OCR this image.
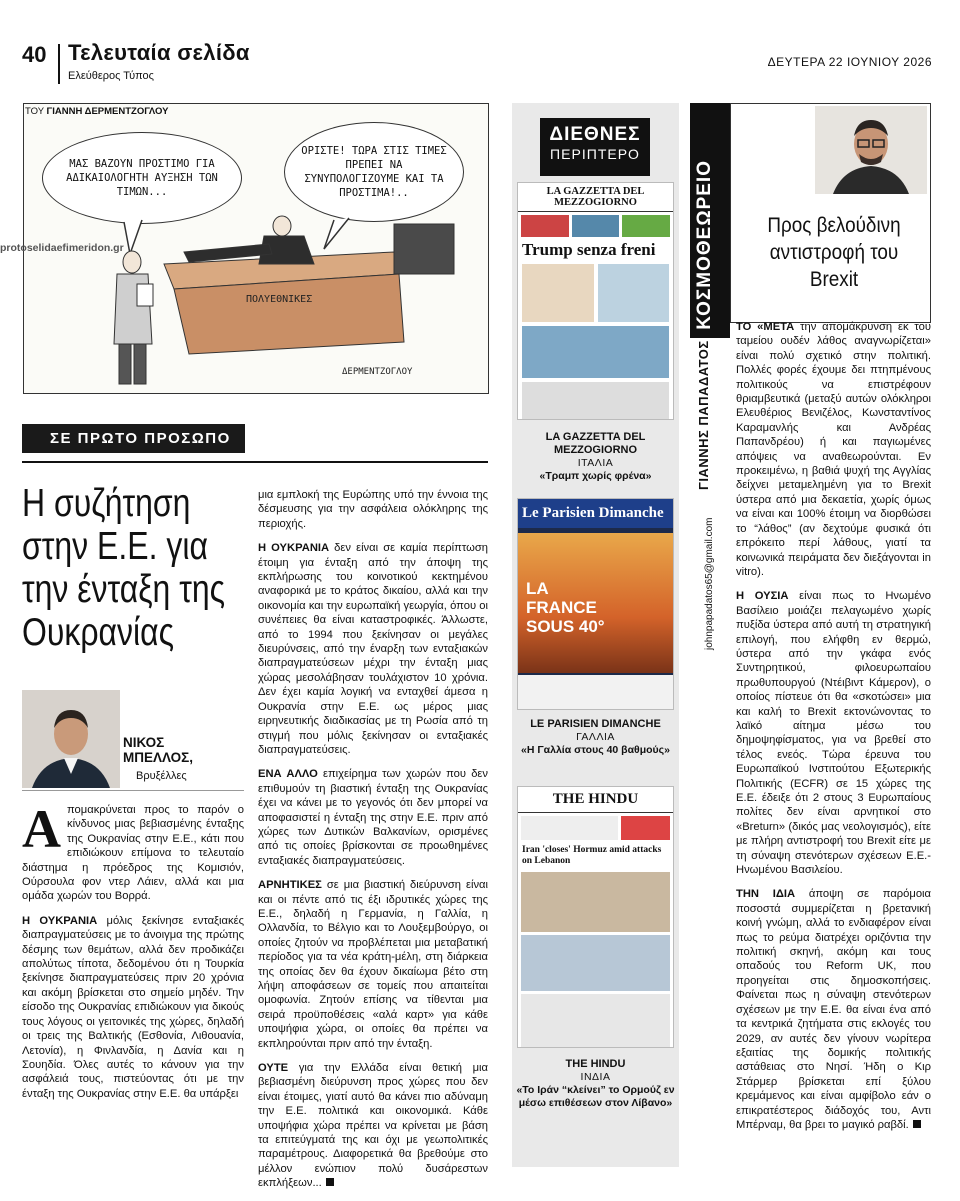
40 Τελευταία σελίδα
Ελεύθερος Τύπος
ΔΕΥΤΕΡΑ 22 ΙΟΥΝΙΟΥ 2026
ΜΑΣ ΒΑΖΟΥΝ ΠΡΟΣΤΙΜΟ ΓΙΑ ΑΔΙΚΑΙΟΛΟΓΗΤΗ ΑΥΞΗΣΗ ΤΩΝ ΤΙΜΩΝ...
ΟΡΙΣΤΕ! ΤΩΡΑ ΣΤΙΣ ΤΙΜΕΣ ΠΡΕΠΕΙ ΝΑ ΣΥΝΥΠΟΛΟΓΙΖΟΥΜΕ ΚΑΙ ΤΑ ΠΡΟΣΤΙΜΑ!..
ΠΟΛΥΕΘΝΙΚΕΣ
ΔΕΡΜΕΝΤΖΟΓΛΟΥ
ΤΟΥ ΓΙΑΝΝΗ ΔΕΡΜΕΝΤΖΟΓΛΟΥ
protoselidaefimeridon.gr
ΣΕ ΠΡΩΤΟ ΠΡΟΣΩΠΟ
Η συζήτηση στην Ε.Ε. για την ένταξη της Ουκρανίας
ΝΙΚΟΣ ΜΠΕΛΛΟΣ,
Βρυξέλλες
Απομακρύνεται προς το παρόν ο κίνδυνος μιας βεβιασμένης ένταξης της Ουκρανίας στην Ε.Ε., κάτι που επιδιώκουν επίμονα το τελευταίο διάστημα η πρόεδρος της Κομισιόν, Ούρσουλα φον ντερ Λάιεν, αλλά και μια ομάδα χωρών του Βορρά.
Η ΟΥΚΡΑΝΙΑ μόλις ξεκίνησε ενταξιακές διαπραγματεύσεις με το άνοιγμα της πρώτης δέσμης των θεμάτων, αλλά δεν προδικάζει απολύτως τίποτα, δεδομένου ότι η Τουρκία ξεκίνησε διαπραγματεύσεις πριν 20 χρόνια και ακόμη βρίσκεται στο σημείο μηδέν. Την είσοδο της Ουκρανίας επιδιώκουν για δικούς τους λόγους οι γειτονικές της χώρες, δηλαδή οι τρεις της Βαλτικής (Εσθονία, Λιθουανία, Λετονία), η Φινλανδία, η Δανία και η Σουηδία. Όλες αυτές το κάνουν για την ασφάλειά τους, πιστεύοντας ότι με την ένταξη της Ουκρανίας στην Ε.Ε. θα υπάρξει
μια εμπλοκή της Ευρώπης υπό την έννοια της δέσμευσης για την ασφάλεια ολόκληρης της περιοχής.
Η ΟΥΚΡΑΝΙΑ δεν είναι σε καμία περίπτωση έτοιμη για ένταξη από την άποψη της εκπλήρωσης του κοινοτικού κεκτημένου αναφορικά με το κράτος δικαίου, αλλά και την οικονομία και την ευρωπαϊκή γεωργία, όπου οι συνέπειες θα είναι καταστροφικές. Άλλωστε, από το 1994 που ξεκίνησαν οι μεγάλες διευρύνσεις, από την έναρξη των ενταξιακών διαπραγματεύσεων μέχρι την ένταξη μιας χώρας μεσολάβησαν τουλάχιστον 10 χρόνια. Δεν έχει καμία λογική να ενταχθεί άμεσα η Ουκρανία στην Ε.Ε. ως μέρος μιας ειρηνευτικής διαδικασίας με τη Ρωσία από τη στιγμή που μόλις ξεκίνησαν οι ενταξιακές διαπραγματεύσεις.
ΕΝΑ ΑΛΛΟ επιχείρημα των χωρών που δεν επιθυμούν τη βιαστική ένταξη της Ουκρανίας έχει να κάνει με το γεγονός ότι δεν μπορεί να αποφασιστεί η ένταξη της στην Ε.Ε. πριν από χώρες των Δυτικών Βαλκανίων, ορισμένες από τις οποίες βρίσκονται σε προωθημένες ενταξιακές διαπραγματεύσεις.
ΑΡΝΗΤΙΚΕΣ σε μια βιαστική διεύρυνση είναι και οι πέντε από τις έξι ιδρυτικές χώρες της Ε.Ε., δηλαδή η Γερμανία, η Γαλλία, η Ολλανδία, το Βέλγιο και το Λουξεμβούργο, οι οποίες ζητούν να προβλέπεται μια μεταβατική περίοδος για τα νέα κράτη-μέλη, στη διάρκεια της οποίας δεν θα έχουν δικαίωμα βέτο στη λήψη αποφάσεων σε τομείς που απαιτείται ομοφωνία. Ζητούν επίσης να τίθενται μια σειρά προϋποθέσεις «αλά καρτ» για κάθε υποψήφια χώρα, οι οποίες θα πρέπει να εκπληρούνται πριν από την ένταξη.
ΟΥΤΕ για την Ελλάδα είναι θετική μια βεβιασμένη διεύρυνση προς χώρες που δεν είναι έτοιμες, γιατί αυτό θα κάνει πιο αδύναμη την Ε.Ε. πολιτικά και οικονομικά. Κάθε υποψήφια χώρα πρέπει να κρίνεται με βάση τα επιτεύγματά της και όχι με γεωπολιτικές παραμέτρους. Διαφορετικά θα βρεθούμε στο μέλλον ενώπιον πολύ δυσάρεστων εκπλήξεων...
ΔΙΕΘΝΕΣ
ΠΕΡΙΠΤΕΡΟ
LA GAZZETTA DEL MEZZOGIORNO
Trump senza freni
LA GAZZETTA DEL MEZZOGIORNO
ΙΤΑΛΙΑ
«Τραμπ χωρίς φρένα»
Le Parisien Dimanche
LA FRANCE SOUS 40°
LE PARISIEN DIMANCHE
ΓΑΛΛΙΑ
«Η Γαλλία στους 40 βαθμούς»
THE HINDU
Iran 'closes' Hormuz amid attacks on Lebanon
THE HINDU
ΙΝΔΙΑ
«Το Ιράν “κλείνει” το Ορμούζ εν μέσω επιθέσεων στον Λίβανο»
ΚΟΣΜΟΘΕΩΡΕΙΟ
ΓΙΑΝΝΗΣ ΠΑΠΑΔΑΤΟΣ
johnpapadatos65@gmail.com
Προς βελούδινη αντιστροφή του Brexit
ΤΟ «ΜΕΤΑ την απομάκρυνση εκ του ταμείου ουδέν λάθος αναγνωρίζεται» είναι πολύ σχετικό στην πολιτική. Πολλές φορές έχουμε δει πτηπμένους πολιτικούς να επιστρέφουν θριαμβευτικά (μεταξύ αυτών ολόκληροι Ελευθέριος Βενιζέλος, Κωνσταντίνος Καραμανλής και Ανδρέας Παπανδρέου) ή και παγιωμένες απόψεις να αναθεωρούνται. Εν προκειμένω, η βαθιά ψυχή της Αγγλίας δείχνει μεταμελημένη για το Brexit ύστερα από μια δεκαετία, χωρίς όμως να είναι και 100% έτοιμη να διορθώσει το “λάθος” (αν δεχτούμε φυσικά ότι επρόκειτο περί λάθους, γιατί τα κοινωνικά πειράματα δεν διεξάγονται in vitro).
Η ΟΥΣΙΑ είναι πως το Ηνωμένο Βασίλειο μοιάζει πελαγωμένο χωρίς πυξίδα ύστερα από αυτή τη στρατηγική επιλογή, που ελήφθη εν θερμώ, ύστερα από την γκάφα ενός Συντηρητικού, φιλοευρωπαίου πρωθυπουργού (Ντέιβιντ Κάμερον), ο οποίος πίστευε ότι θα «σκοτώσει» μια και καλή το Brexit εκτονώνοντας το λαϊκό αίτημα μέσω του δημοψηφίσματος, για να βρεθεί στο τέλος ενεός. Τώρα έρευνα του Ευρωπαϊκού Ινστιτούτου Εξωτερικής Πολιτικής (ECFR) σε 15 χώρες της Ε.Ε. έδειξε ότι 2 στους 3 Ευρωπαίους πολίτες δεν είναι αρνητικοί στο «Breturn» (δικός μας νεολογισμός), είτε με πλήρη αντιστροφή του Brexit είτε με τη σύναψη στενότερων σχέσεων Ε.Ε.-Ηνωμένου Βασιλείου.
ΤΗΝ ΙΔΙΑ άποψη σε παρόμοια ποσοστά συμμερίζεται η βρετανική κοινή γνώμη, αλλά το ενδιαφέρον είναι πως το ρεύμα διατρέχει οριζόντια την πολιτική σκηνή, ακόμη και τους οπαδούς του Reform UK, που προηγείται στις δημοσκοπήσεις. Φαίνεται πως η σύναψη στενότερων σχέσεων με την Ε.Ε. θα είναι ένα από τα κεντρικά ζητήματα στις εκλογές του 2029, αν αυτές δεν γίνουν νωρίτερα εξαιτίας της δομικής πολιτικής αστάθειας στο Νησί. Ήδη ο Κιρ Στάρμερ βρίσκεται επί ξύλου κρεμάμενος και είναι αμφίβολο εάν ο επικρατέστερος διάδοχός του, Αντι Μπέρναμ, θα βρει το μαγικό ραβδί.
